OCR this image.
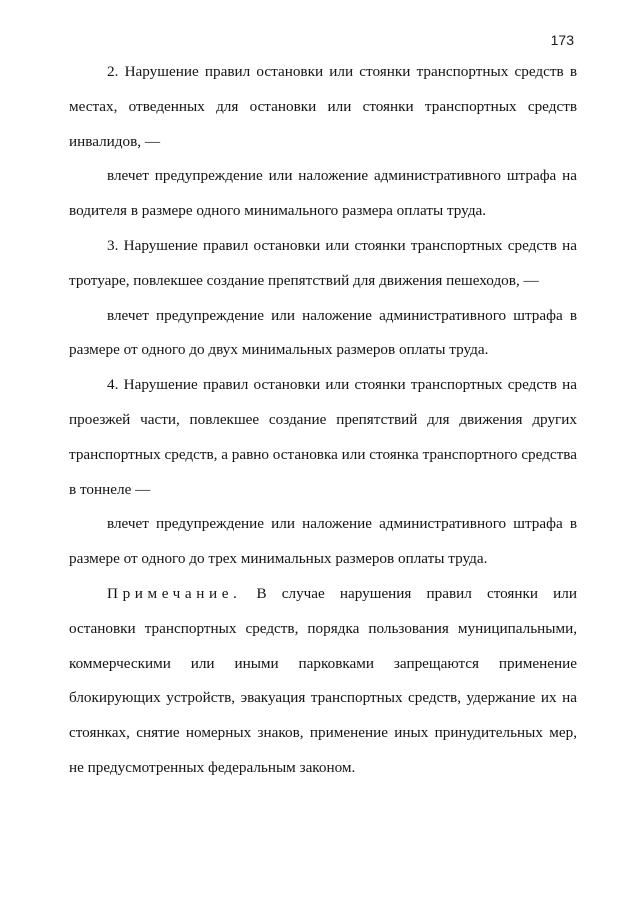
173

2. Нарушение правил остановки или стоянки транспортных средств в местах, отведенных для остановки или стоянки транспортных средств инвалидов, —

влечет предупреждение или наложение административного штрафа на водителя в размере одного минимального размера оплаты труда.

3. Нарушение правил остановки или стоянки транспортных средств на тротуаре, повлекшее создание препятствий для движения пешеходов, —

влечет предупреждение или наложение административного штрафа в размере от одного до двух минимальных размеров оплаты труда.

4. Нарушение правил остановки или стоянки транспортных средств на проезжей части, повлекшее создание препятствий для движения других транспортных средств, а равно остановка или стоянка транспортного средства в тоннеле —

влечет предупреждение или наложение административного штрафа в размере от одного до трех минимальных размеров оплаты труда.

Примечание. В случае нарушения правил стоянки или остановки транспортных средств, порядка пользования муниципальными, коммерческими или иными парковками запрещаются применение блокирующих устройств, эвакуация транспортных средств, удержание их на стоянках, снятие номерных знаков, применение иных принудительных мер, не предусмотренных федеральным законом.
